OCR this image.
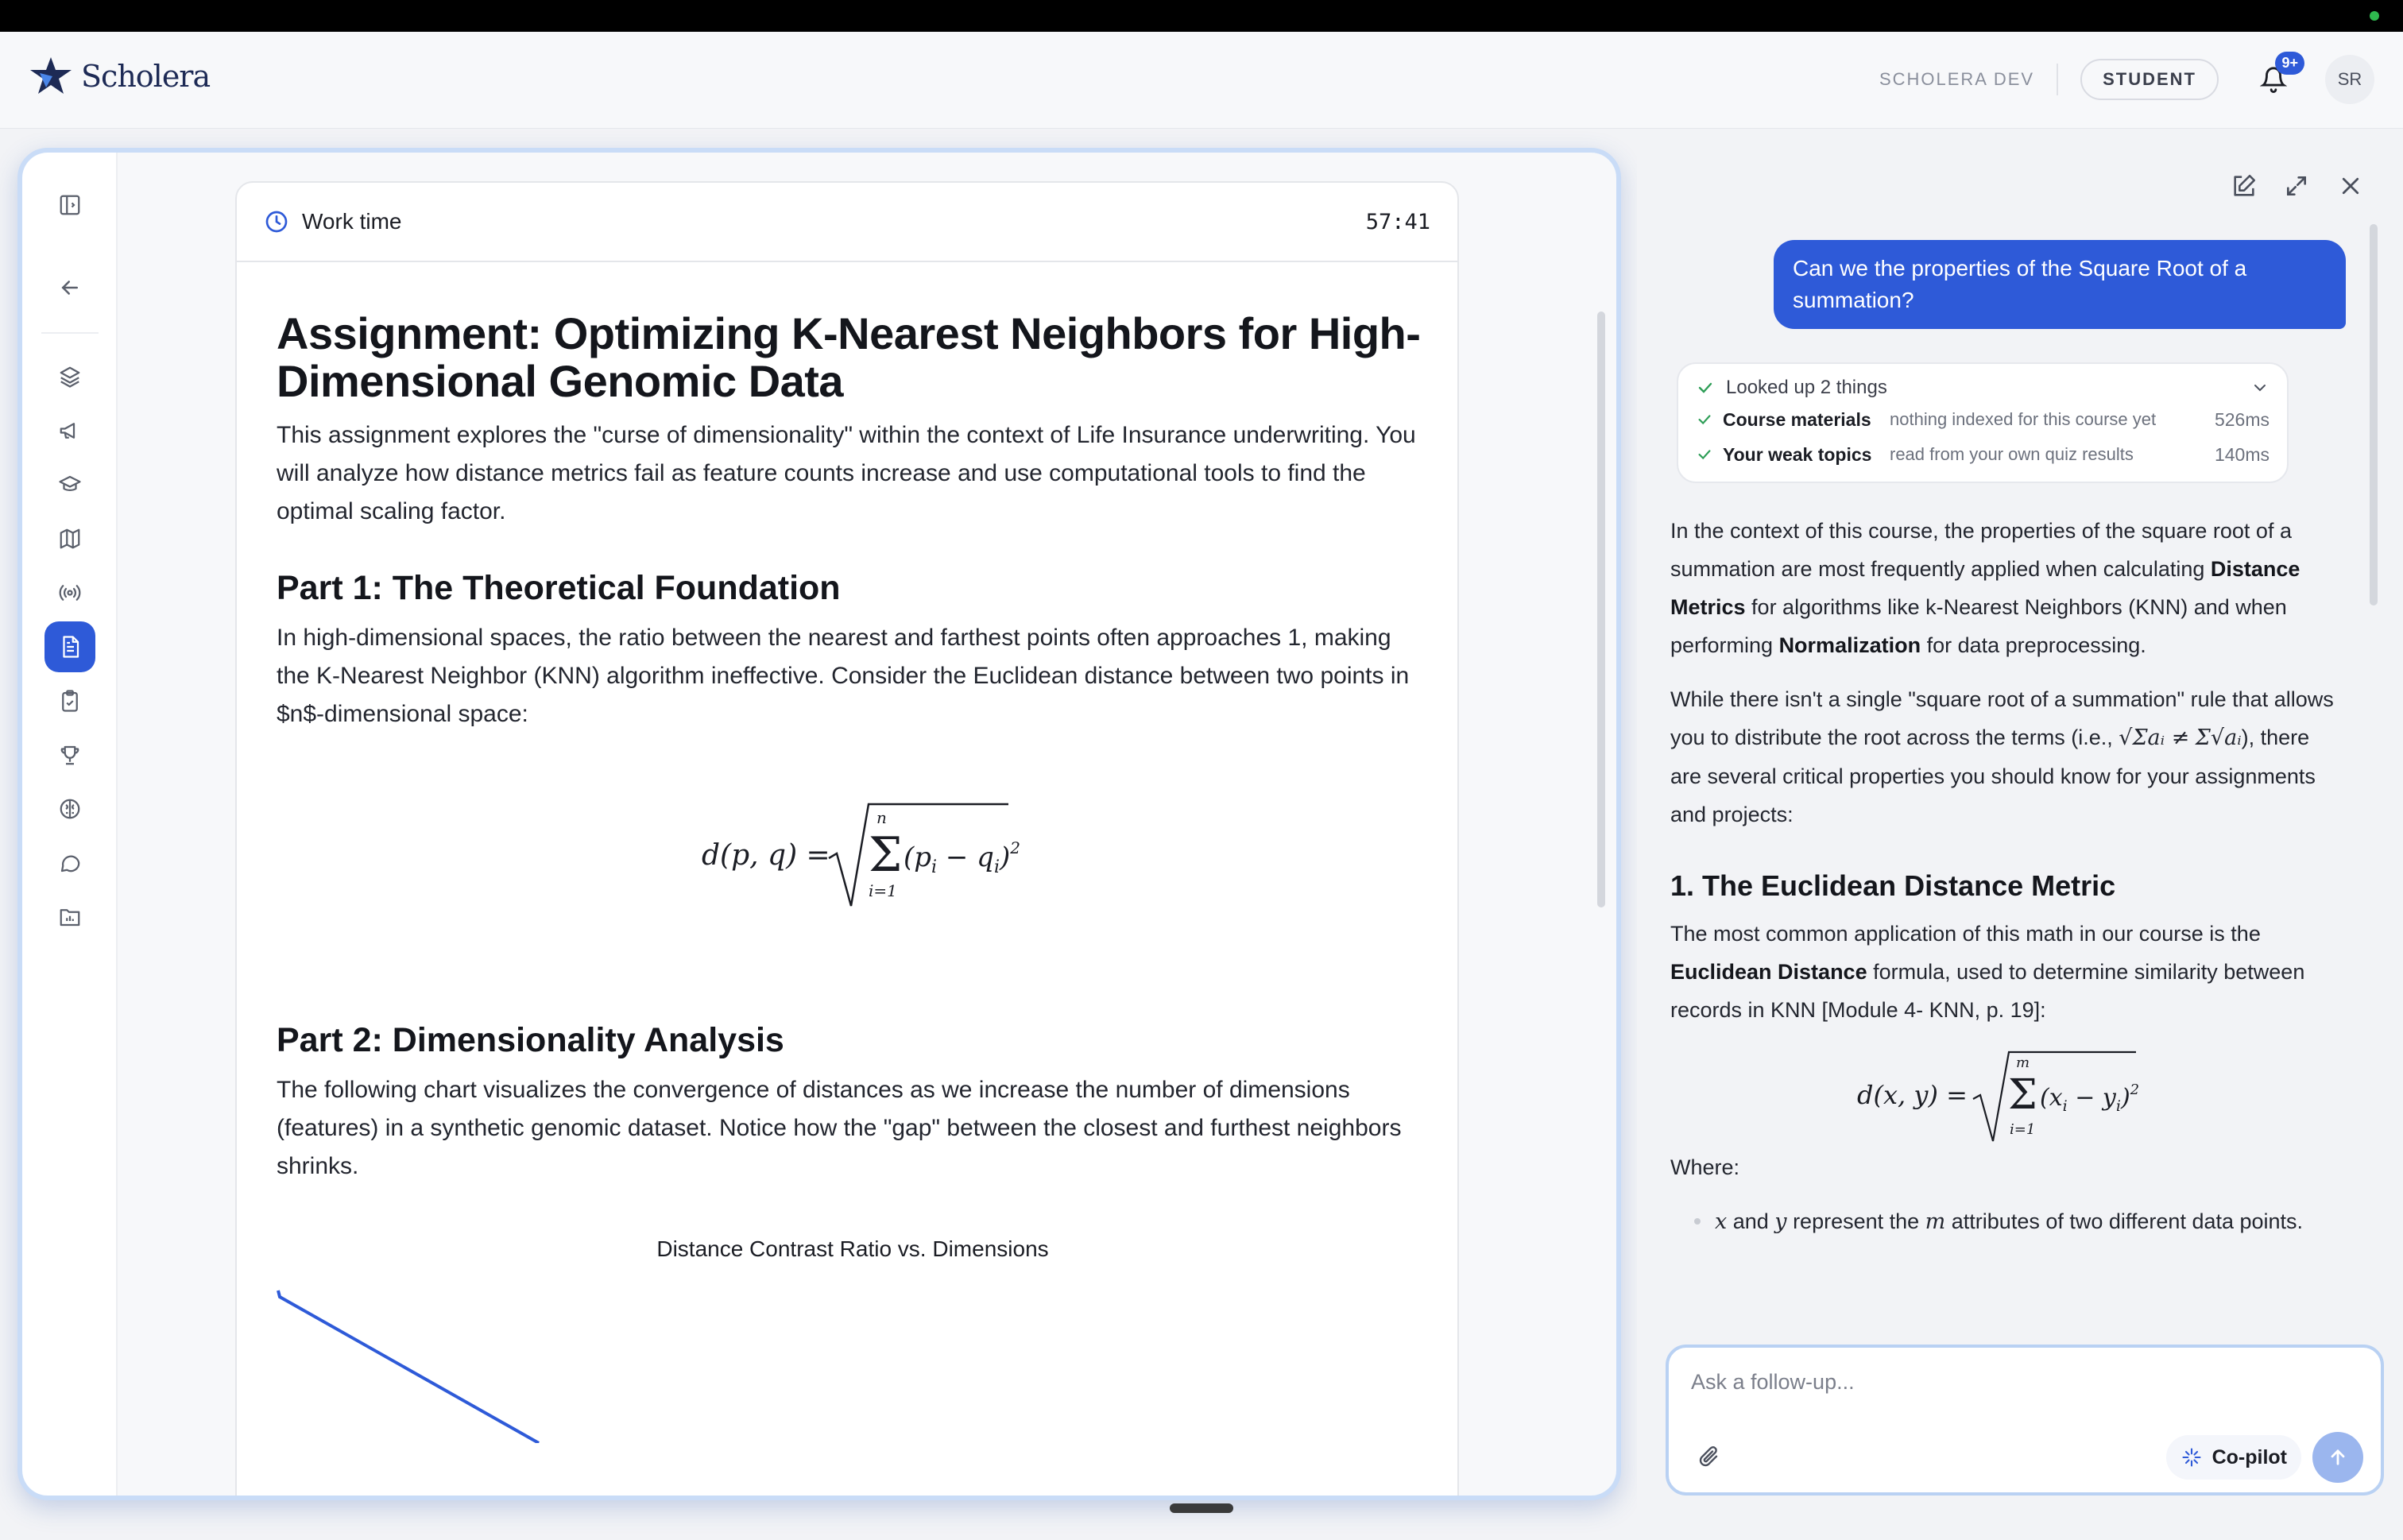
Scholera	SCHOLERA DEV	STUDENT
9+
SR
Work time	57:41
Assignment: Optimizing K-Nearest Neighbors for High-Dimensional Genomic Data

This assignment explores the "curse of dimensionality" within the context of Life Insurance underwriting. You will analyze how distance metrics fail as feature counts increase and use computational tools to find the optimal scaling factor.

Part 1: The Theoretical Foundation

In high-dimensional spaces, the ratio between the nearest and farthest points often approaches 1, making the K-Nearest Neighbor (KNN) algorithm ineffective. Consider the Euclidean distance between two points in $n$-dimensional space:

d(p, q) = Σ
n
i=1
$(p_i - q_i)^2$
Part 2: Dimensionality Analysis

The following chart visualizes the convergence of distances as we increase the number of dimensions (features) in a synthetic genomic dataset. Notice how the "gap" between the closest and furthest neighbors shrinks.

Distance Contrast Ratio vs. Dimensions
Can we the properties of the Square Root of a summation?
Looked up 2 things
Course materials	nothing indexed for this course yet	526ms
Your weak topics	read from your own quiz results	140ms

In the context of this course, the properties of the square root of a summation are most frequently applied when calculating Distance Metrics for algorithms like k-Nearest Neighbors (KNN) and when performing Normalization for data preprocessing.

While there isn't a single "square root of a summation" rule that allows you to distribute the root across the terms (i.e., √Σaᵢ ≠ Σ√aᵢ), there are several critical properties you should know for your assignments and projects:

1. The Euclidean Distance Metric

The most common application of this math in our course is the Euclidean Distance formula, used to determine similarity between records in KNN [Module 4- KNN, p. 19]:

d(x, y) = Σ
m
i=1
$(x_i - y_i)^2$

Where:

x and y represent the m attributes of two different data points.
Ask a follow-up...
Co-pilot
